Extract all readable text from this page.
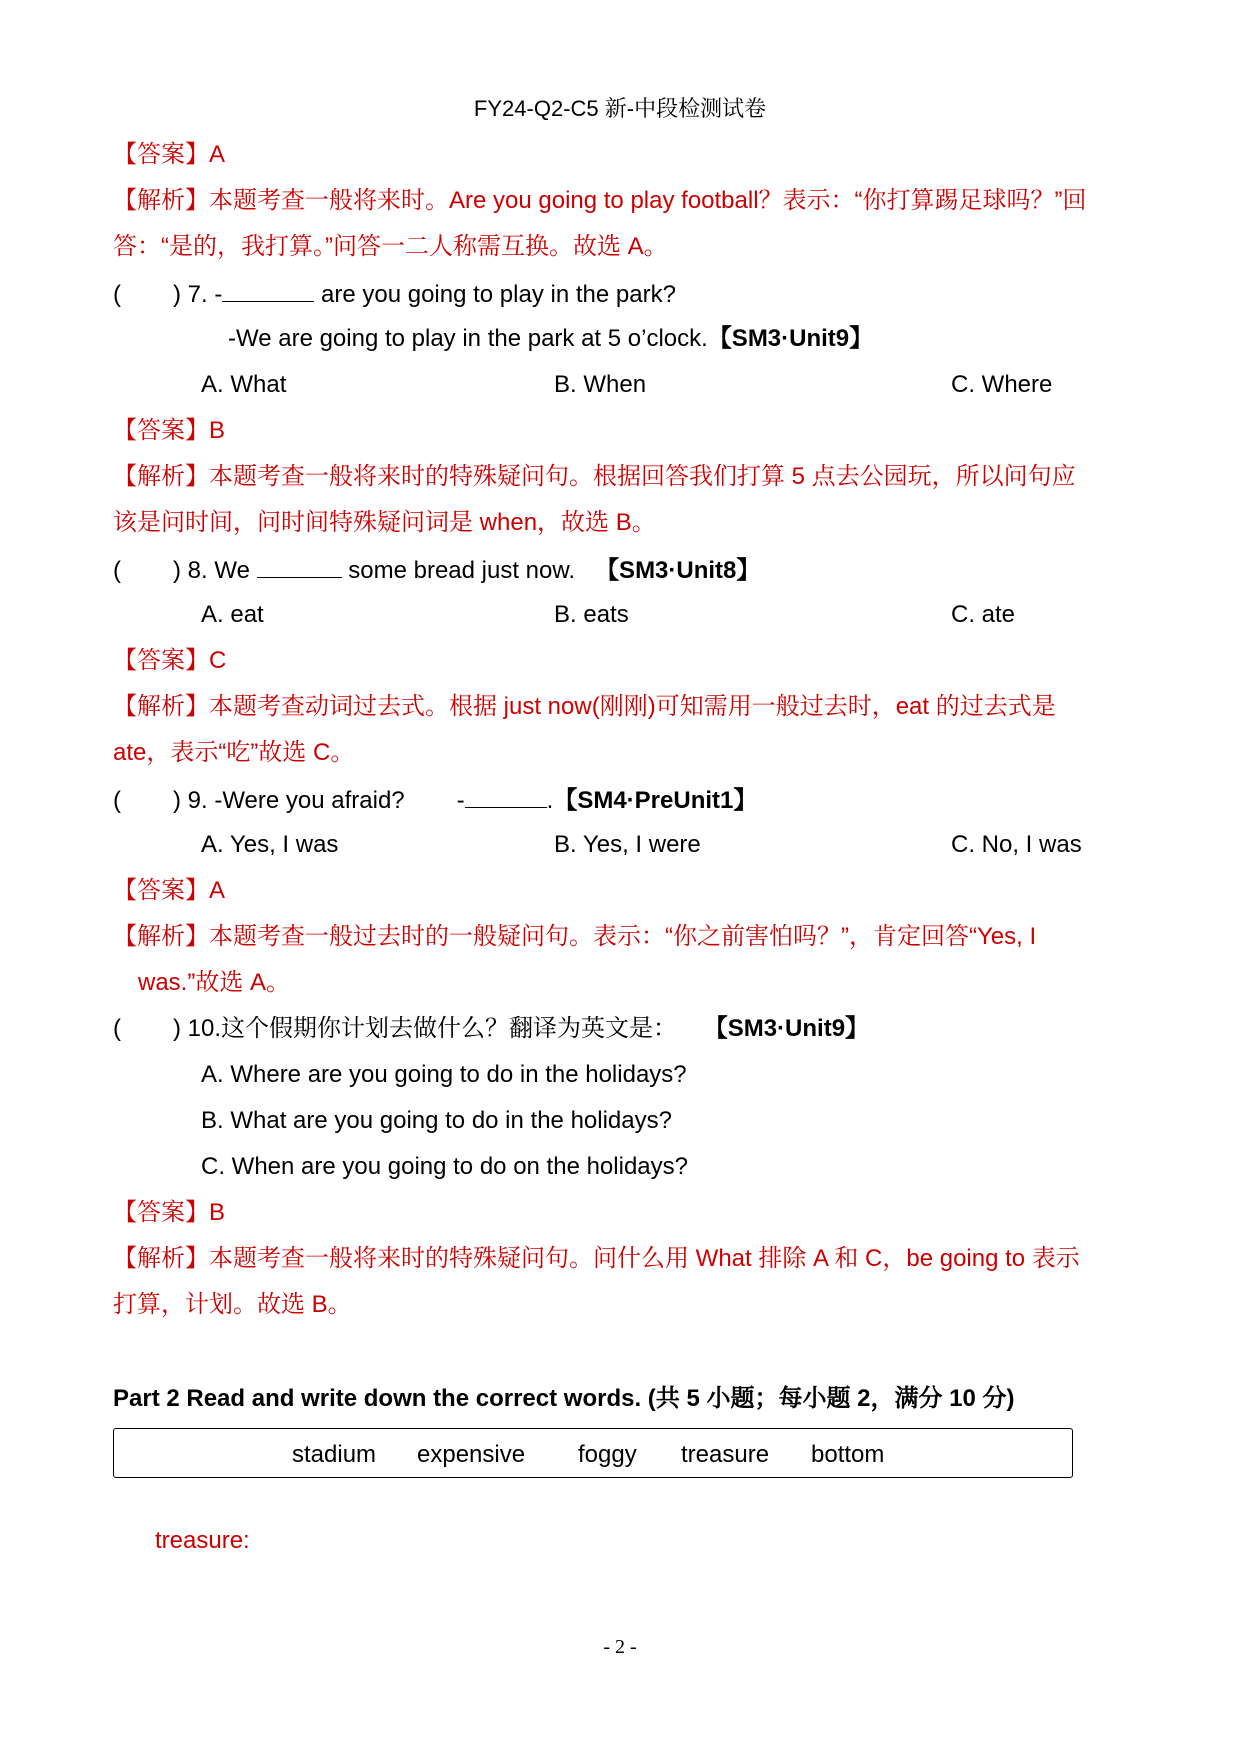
FY24-Q2-C5 新-中段检测试卷
【答案】A
【解析】本题考查一般将来时。Are you going to play football？表示：“你打算踢足球吗？”回
答：“是的，我打算。”问答一二人称需互换。故选 A。
( ) 7. -	are you going to play in the park?
-We are going to play in the park at 5 o’clock.【SM3·Unit9】
A. What	B. When	C. Where
【答案】B
【解析】本题考查一般将来时的特殊疑问句。根据回答我们打算 5 点去公园玩，所以问句应
该是问时间，问时间特殊疑问词是 when，故选 B。
( ) 8. We	some bread just now. 【SM3·Unit8】
A. eat	B. eats	C. ate
【答案】C
【解析】本题考查动词过去式。根据 just now(刚刚)可知需用一般过去时，eat 的过去式是
ate，表示“吃”故选 C。
( ) 9. -Were you afraid? -	.【SM4·PreUnit1】
A. Yes, I was	B. Yes, I were	C. No, I was
【答案】A
【解析】本题考查一般过去时的一般疑问句。表示：“你之前害怕吗？”，肯定回答“Yes, I
was.”故选 A。
( ) 10.这个假期你计划去做什么？翻译为英文是： 【SM3·Unit9】
A. Where are you going to do in the holidays?
B. What are you going to do in the holidays?
C. When are you going to do on the holidays?
【答案】B
【解析】本题考查一般将来时的特殊疑问句。问什么用 What 排除 A 和 C，be going to 表示
打算，计划。故选 B。
Part 2 Read and write down the correct words. (共 5 小题；每小题 2，满分 10 分)
stadium expensive foggy treasure bottom
treasure:
- 2 -
